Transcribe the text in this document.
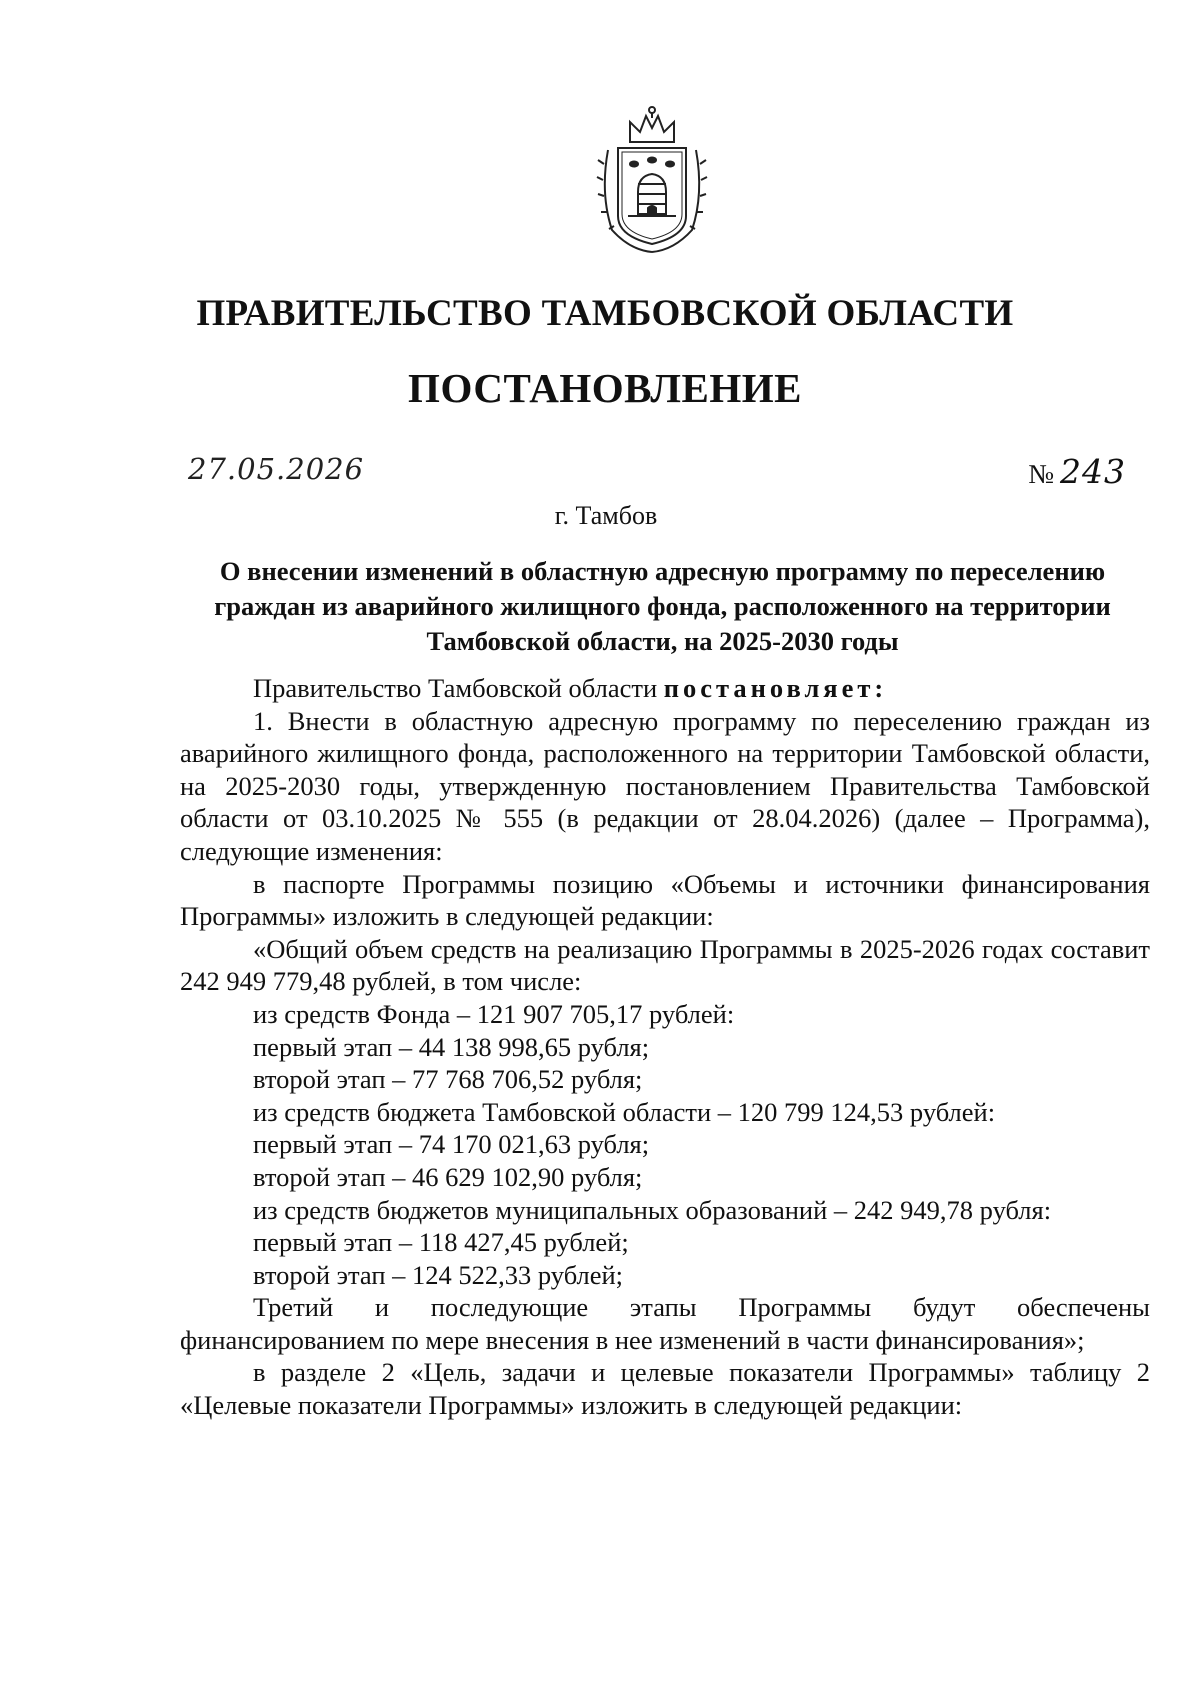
ПРАВИТЕЛЬСТВО ТАМБОВСКОЙ ОБЛАСТИ
ПОСТАНОВЛЕНИЕ
27.05.2026	№ 243
г. Тамбов
О внесении изменений в областную адресную программу по переселению
граждан из аварийного жилищного фонда, расположенного на территории
Тамбовской области, на 2025-2030 годы

Правительство Тамбовской области постановляет:

1. Внести в областную адресную программу по переселению граждан из аварийного жилищного фонда, расположенного на территории Тамбовской области, на 2025-2030 годы, утвержденную постановлением Правительства Тамбовской области от 03.10.2025 № 555 (в редакции от 28.04.2026) (далее – Программа), следующие изменения:

в паспорте Программы позицию «Объемы и источники финансирования Программы» изложить в следующей редакции:

«Общий объем средств на реализацию Программы в 2025-2026 годах составит 242 949 779,48 рублей, в том числе:

из средств Фонда – 121 907 705,17 рублей:

первый этап – 44 138 998,65 рубля;

второй этап – 77 768 706,52 рубля;

из средств бюджета Тамбовской области – 120 799 124,53 рублей:

первый этап – 74 170 021,63 рубля;

второй этап – 46 629 102,90 рубля;

из средств бюджетов муниципальных образований – 242 949,78 рубля:

первый этап – 118 427,45 рублей;

второй этап – 124 522,33 рублей;

Третий и последующие этапы Программы будут обеспечены финансированием по мере внесения в нее изменений в части финансирования»;

в разделе 2 «Цель, задачи и целевые показатели Программы» таблицу 2 «Целевые показатели Программы» изложить в следующей редакции:
